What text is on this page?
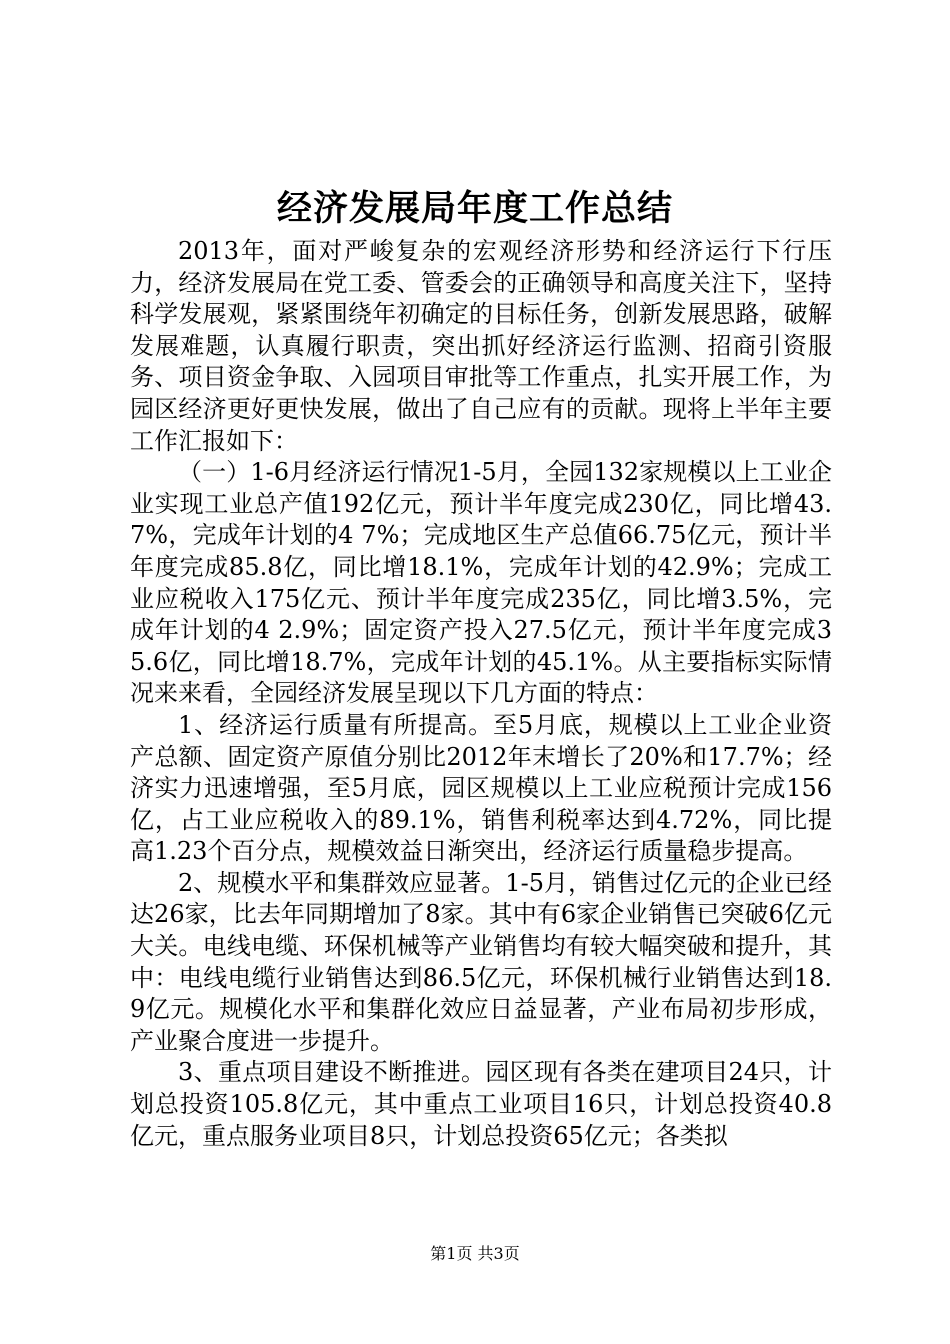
经济发展局年度工作总结

2013年，面对严峻复杂的宏观经济形势和经济运行下行压力，经济发展局在党工委、管委会的正确领导和高度关注下，坚持科学发展观，紧紧围绕年初确定的目标任务，创新发展思路，破解发展难题，认真履行职责，突出抓好经济运行监测、招商引资服务、项目资金争取、入园项目审批等工作重点，扎实开展工作，为园区经济更好更快发展，做出了自己应有的贡献。现将上半年主要工作汇报如下：

（一）1-6月经济运行情况1-5月，全园132家规模以上工业企业实现工业总产值192亿元，预计半年度完成230亿，同比增43.7%，完成年计划的4 7%；完成地区生产总值66.75亿元，预计半年度完成85.8亿，同比增18.1%，完成年计划的42.9%；完成工业应税收入175亿元、预计半年度完成235亿，同比增3.5%，完成年计划的4 2.9%；固定资产投入27.5亿元，预计半年度完成35.6亿，同比增18.7%，完成年计划的45.1%。从主要指标实际情况来来看，全园经济发展呈现以下几方面的特点：

1、经济运行质量有所提高。至5月底，规模以上工业企业资产总额、固定资产原值分别比2012年末增长了20%和17.7%；经济实力迅速增强，至5月底，园区规模以上工业应税预计完成156亿，占工业应税收入的89.1%，销售利税率达到4.72%，同比提高1.23个百分点，规模效益日渐突出，经济运行质量稳步提高。

2、规模水平和集群效应显著。1-5月，销售过亿元的企业已经达26家，比去年同期增加了8家。其中有6家企业销售已突破6亿元大关。电线电缆、环保机械等产业销售均有较大幅突破和提升，其中：电线电缆行业销售达到86.5亿元，环保机械行业销售达到18.9亿元。规模化水平和集群化效应日益显著，产业布局初步形成，产业聚合度进一步提升。

3、重点项目建设不断推进。园区现有各类在建项目24只，计划总投资105.8亿元，其中重点工业项目16只，计划总投资40.8亿元，重点服务业项目8只，计划总投资65亿元；各类拟

第1页 共3页
